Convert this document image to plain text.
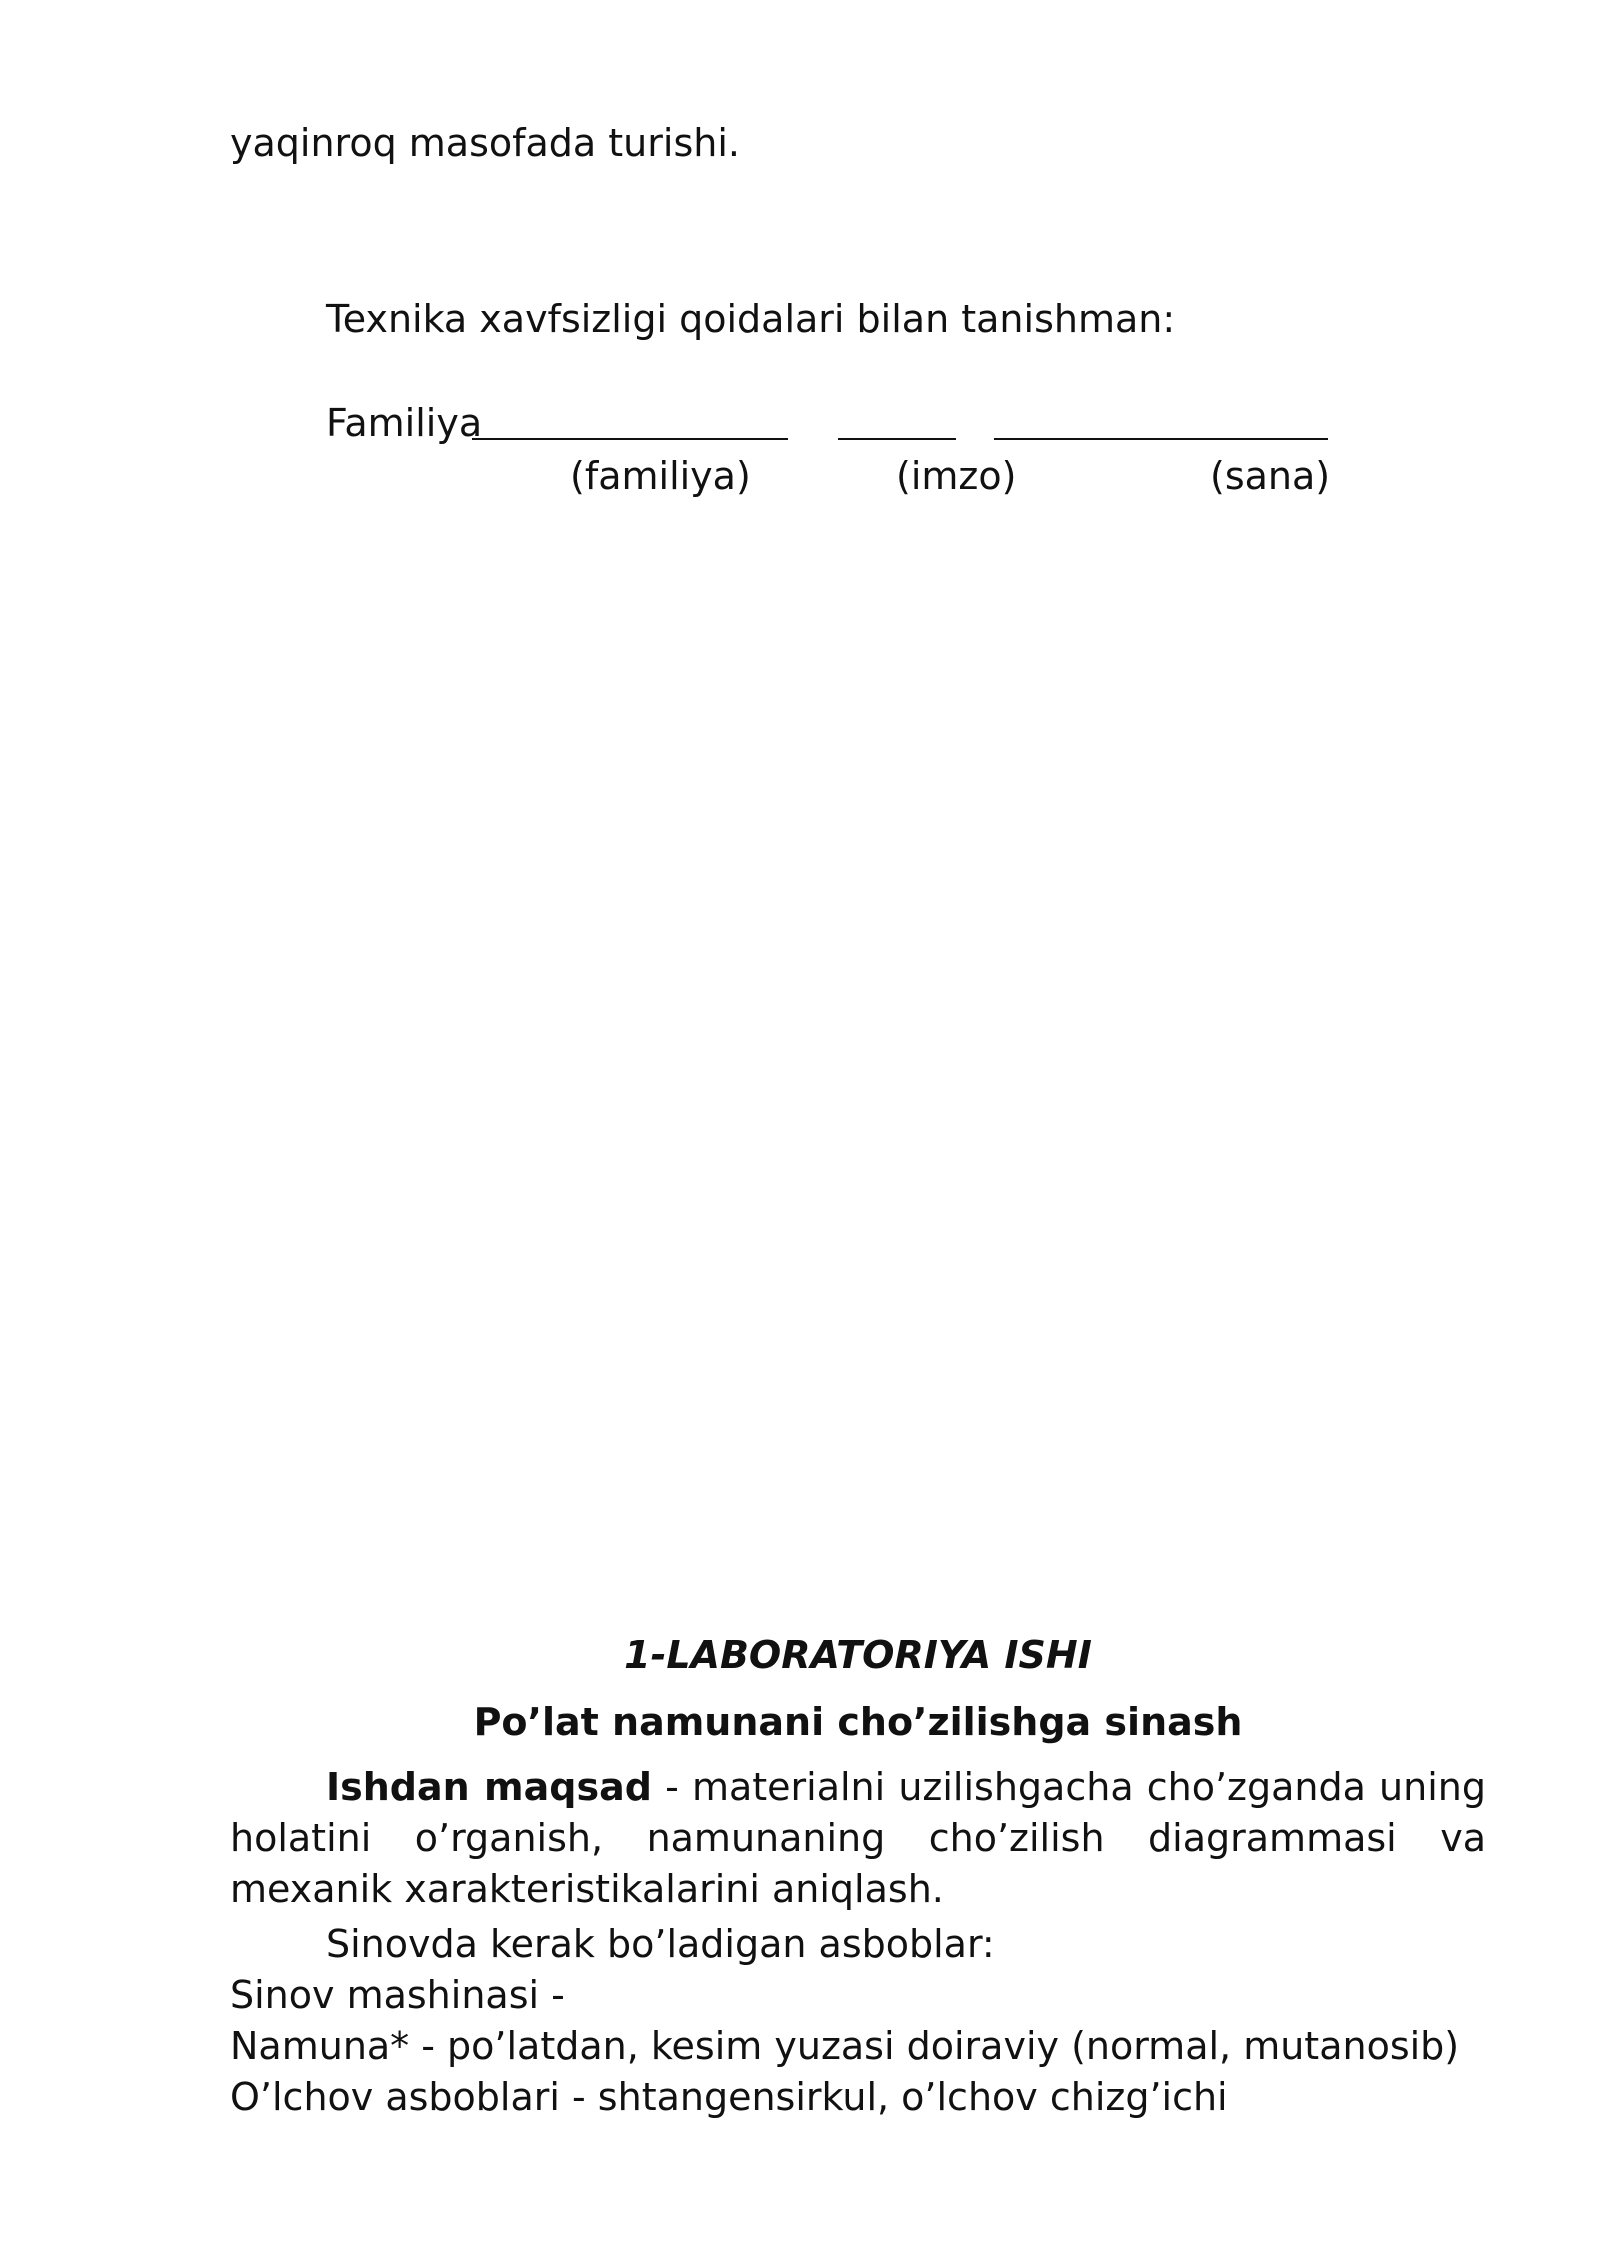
yaqinroq masofada turishi.
Texnika xavfsizligi qoidalari bilan tanishman:
Familiya
(familiya)	(imzo)	(sana)
1-LABORATORIYA ISHI
Po’lat namunani cho’zilishga sinash
Ishdan maqsad - materialni uzilishgacha cho’zganda uning holatini o’rganish, namunaning cho’zilish diagrammasi va mexanik xarakteristikalarini aniqlash.
Sinovda kerak bo’ladigan asboblar:
Sinov mashinasi -
Namuna* - po’latdan, kesim yuzasi doiraviy (normal, mutanosib)
O’lchov asboblari - shtangensirkul, o’lchov chizg’ichi
